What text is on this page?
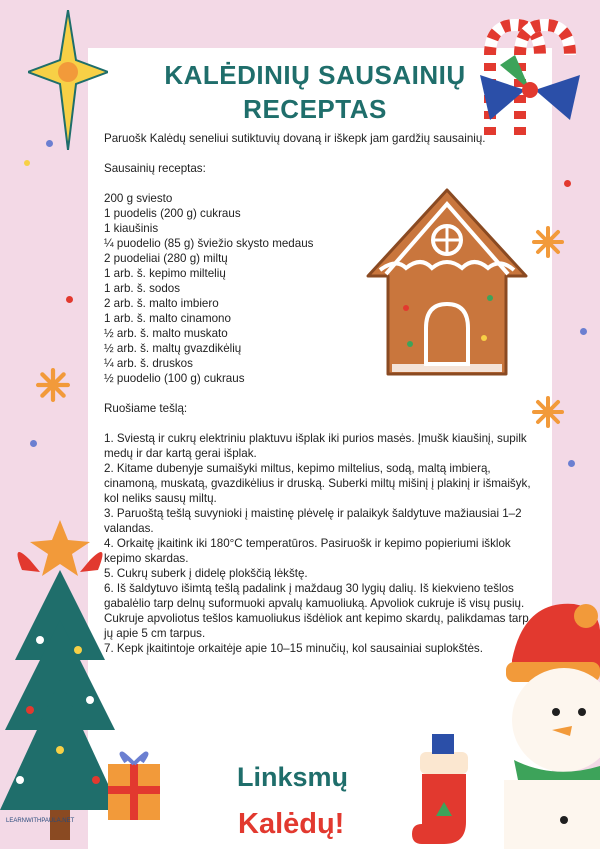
KALĖDINIŲ SAUSAINIŲ
RECEPTAS

Paruošk Kalėdų seneliui sutiktuvių dovaną ir iškepk jam gardžių sausainių.

Sausainių receptas:

200 g sviesto
1 puodelis (200 g) cukraus
1 kiaušinis
¼ puodelio (85 g) šviežio skysto medaus
2 puodeliai (280 g) miltų
1 arb. š. kepimo miltelių
1 arb. š. sodos
2 arb. š. malto imbiero
1 arb. š. malto cinamono
½ arb. š. malto muskato
½ arb. š. maltų gvazdikėlių
¼ arb. š. druskos
½ puodelio (100 g) cukraus

Ruošiame tešlą:

1. Sviestą ir cukrų elektriniu plaktuvu išplak iki purios masės. Įmušk kiaušinį, supilk medų ir dar kartą gerai išplak.
2. Kitame dubenyje sumaišyki miltus, kepimo miltelius, sodą, maltą imbierą, cinamoną, muskatą, gvazdikėlius ir druską. Suberki miltų mišinį į plakinį ir išmaišyk, kol neliks sausų miltų.
3. Paruoštą tešlą suvynioki į maistinę plėvelę ir palaikyk šaldytuve mažiausiai 1–2 valandas.
4. Orkaitę įkaitink iki 180°C temperatūros. Pasiruošk ir kepimo popieriumi išklok kepimo skardas.
5. Cukrų suberk į didelę plokščią lėkštę.
6. Iš šaldytuvo išimtą tešlą padalink į maždaug 30 lygių dalių. Iš kiekvieno tešlos gabalėlio tarp delnų suformuoki apvalų kamuoliuką. Apvoliok cukruje iš visų pusių. Cukruje apvoliotus tešlos kamuoliukus išdėliok ant kepimo skardų, palikdamas tarp jų apie 5 cm tarpus.
7. Kepk įkaitintoje orkaitėje apie 10–15 minučių, kol sausainiai suplokštės.
Linksmų
Kalėdų!
LEARNWITHPAULA.NET
